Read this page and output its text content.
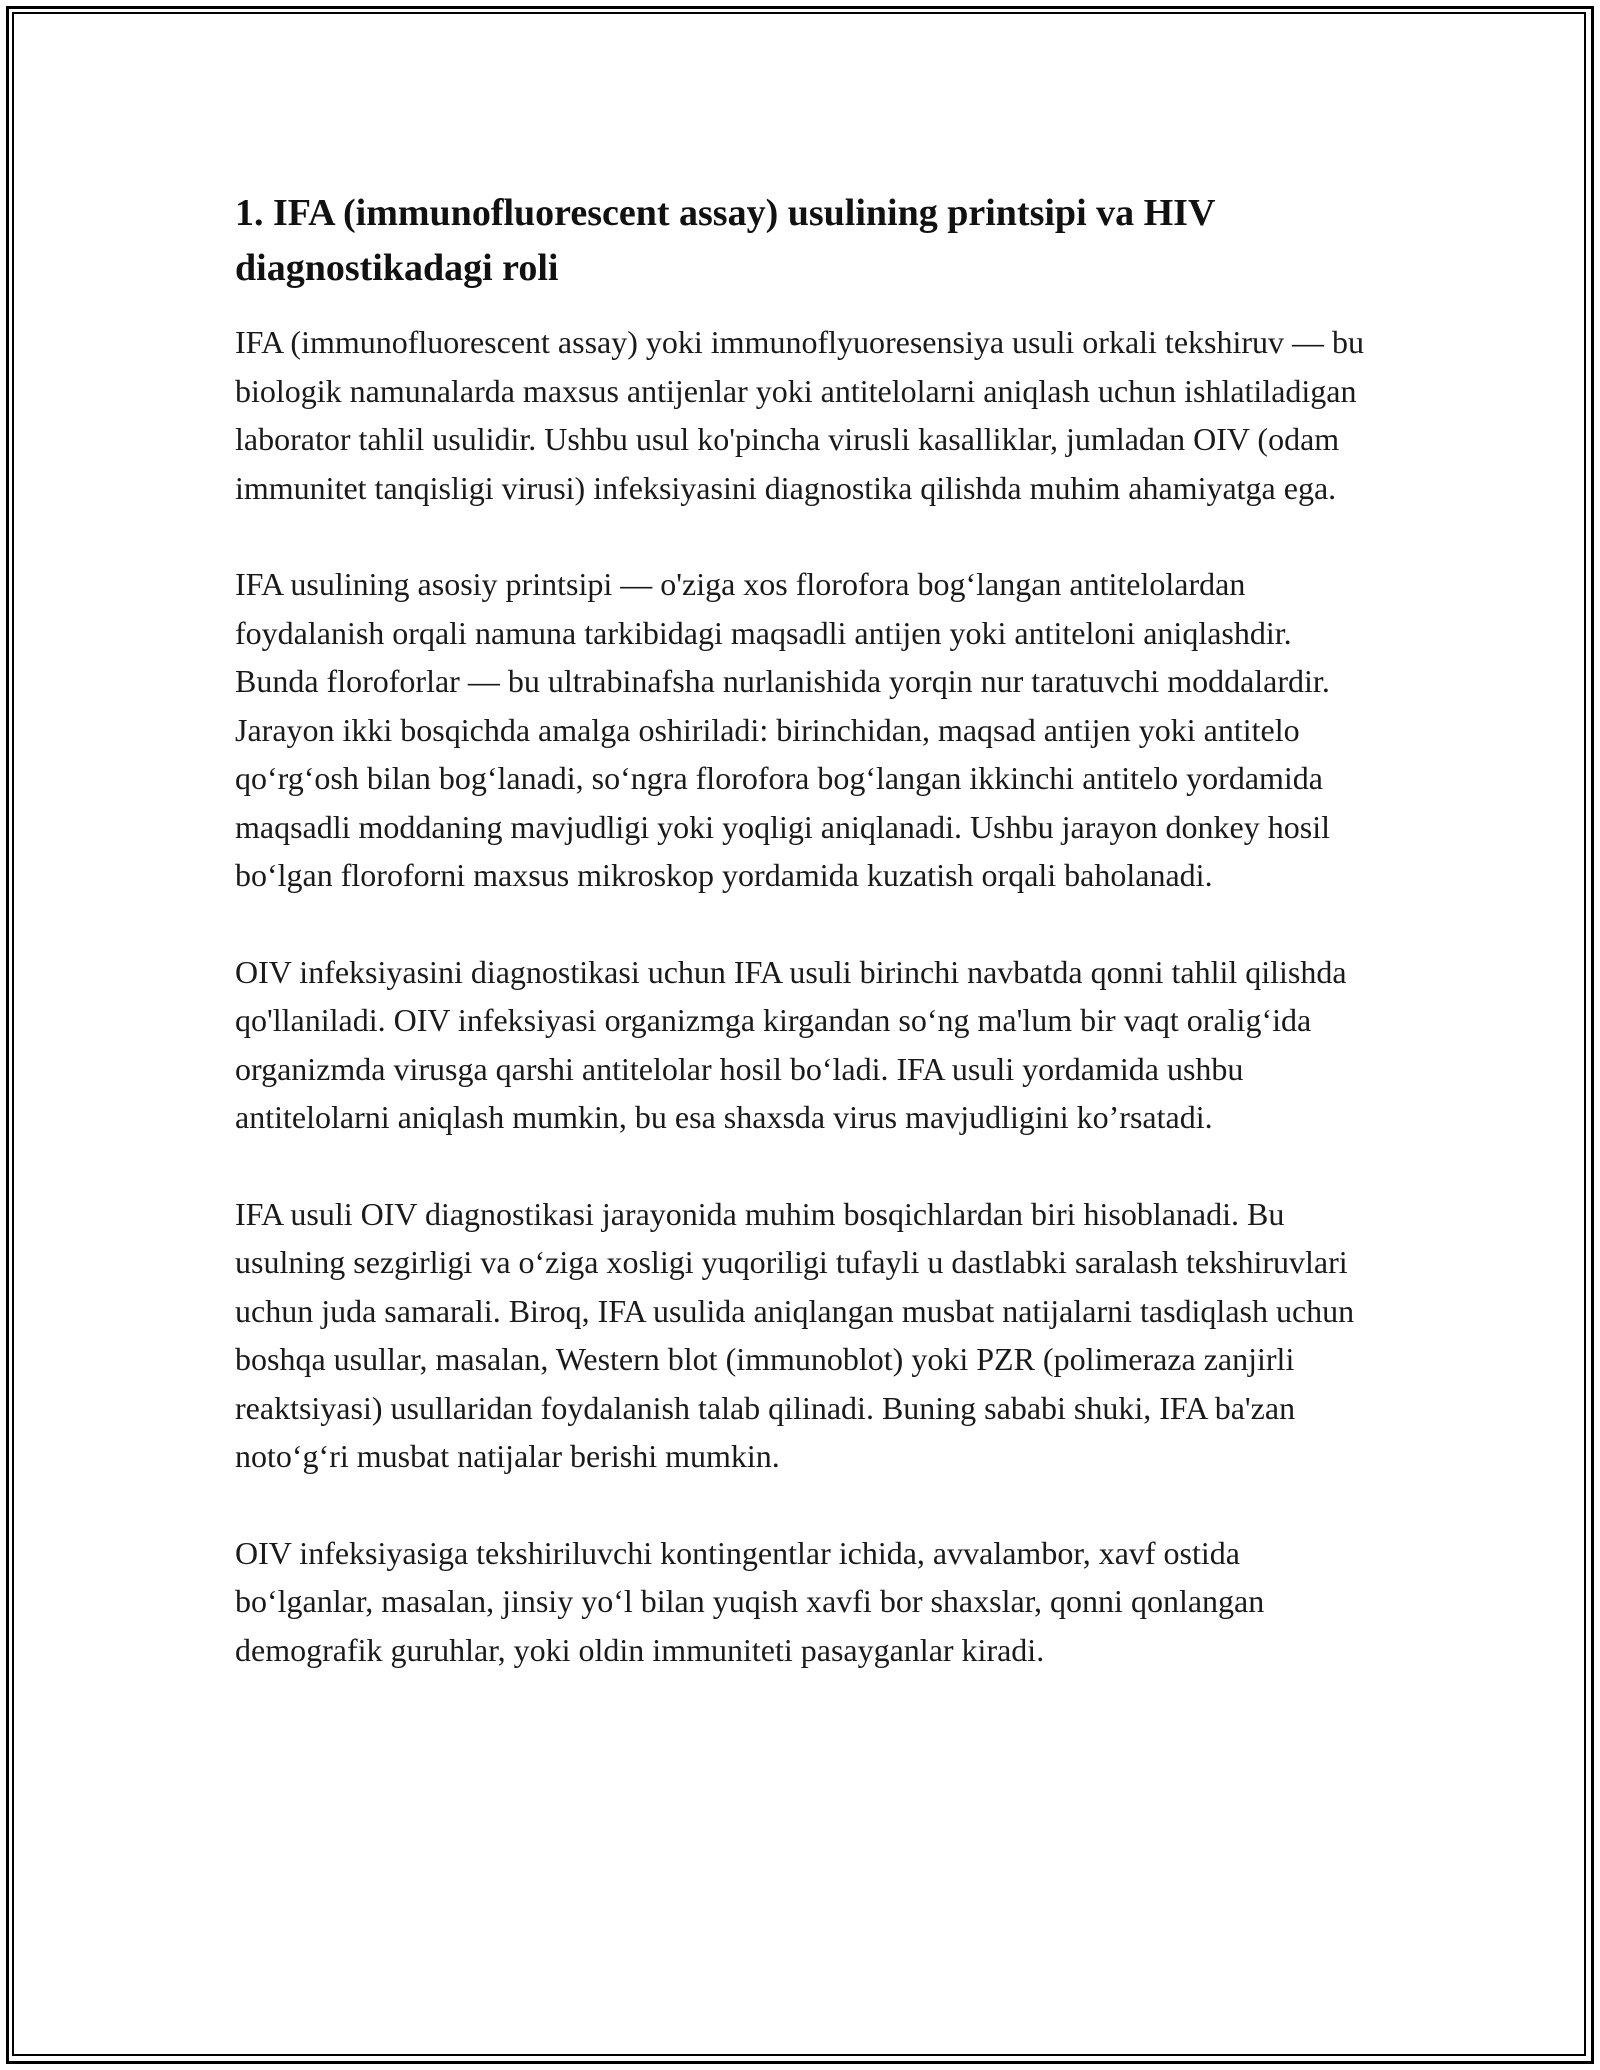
1. IFA (immunofluorescent assay) usulining printsipi va HIV diagnostikadagi roli

IFA (immunofluorescent assay) yoki immunoflyuoresensiya usuli orkali tekshiruv — bu biologik namunalarda maxsus antijenlar yoki antitelolarni aniqlash uchun ishlatiladigan laborator tahlil usulidir. Ushbu usul ko'pincha virusli kasalliklar, jumladan OIV (odam immunitet tanqisligi virusi) infeksiyasini diagnostika qilishda muhim ahamiyatga ega.

IFA usulining asosiy printsipi — o'ziga xos florofora bog‘langan antitelolardan foydalanish orqali namuna tarkibidagi maqsadli antijen yoki antiteloni aniqlashdir. Bunda floroforlar — bu ultrabinafsha nurlanishida yorqin nur taratuvchi moddalardir. Jarayon ikki bosqichda amalga oshiriladi: birinchidan, maqsad antijen yoki antitelo qo‘rg‘osh bilan bog‘lanadi, so‘ngra florofora bog‘langan ikkinchi antitelo yordamida maqsadli moddaning mavjudligi yoki yoqligi aniqlanadi. Ushbu jarayon donkey hosil bo‘lgan floroforni maxsus mikroskop yordamida kuzatish orqali baholanadi.

OIV infeksiyasini diagnostikasi uchun IFA usuli birinchi navbatda qonni tahlil qilishda qo'llaniladi. OIV infeksiyasi organizmga kirgandan so‘ng ma'lum bir vaqt oralig‘ida organizmda virusga qarshi antitelolar hosil bo‘ladi. IFA usuli yordamida ushbu antitelolarni aniqlash mumkin, bu esa shaxsda virus mavjudligini ko’rsatadi.

IFA usuli OIV diagnostikasi jarayonida muhim bosqichlardan biri hisoblanadi. Bu usulning sezgirligi va o‘ziga xosligi yuqoriligi tufayli u dastlabki saralash tekshiruvlari uchun juda samarali. Biroq, IFA usulida aniqlangan musbat natijalarni tasdiqlash uchun boshqa usullar, masalan, Western blot (immunoblot) yoki PZR (polimeraza zanjirli reaktsiyasi) usullaridan foydalanish talab qilinadi. Buning sababi shuki, IFA ba'zan noto‘g‘ri musbat natijalar berishi mumkin.

OIV infeksiyasiga tekshiriluvchi kontingentlar ichida, avvalambor, xavf ostida bo‘lganlar, masalan, jinsiy yo‘l bilan yuqish xavfi bor shaxslar, qonni qonlangan demografik guruhlar, yoki oldin immuniteti pasayganlar kiradi.
